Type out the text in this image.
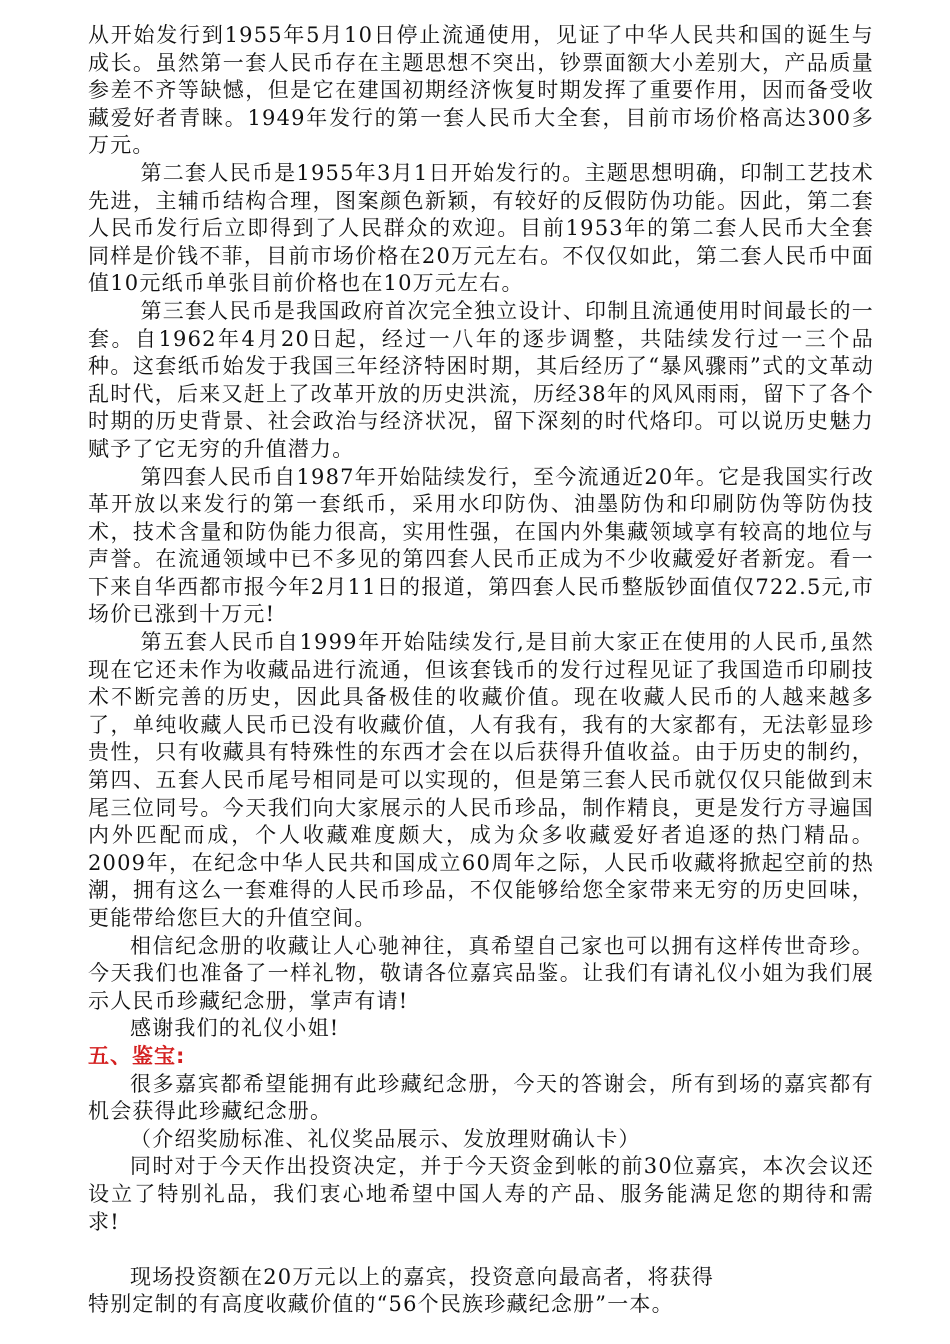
从开始发行到1955年5月10日停止流通使用，见证了中华人民共和国的诞生与成长。虽然第一套人民币存在主题思想不突出，钞票面额大小差别大，产品质量参差不齐等缺憾，但是它在建国初期经济恢复时期发挥了重要作用，因而备受收藏爱好者青睐。1949年发行的第一套人民币大全套，目前市场价格高达300多万元。

第二套人民币是1955年3月1日开始发行的。主题思想明确，印制工艺技术先进，主辅币结构合理，图案颜色新颖，有较好的反假防伪功能。因此，第二套人民币发行后立即得到了人民群众的欢迎。目前1953年的第二套人民币大全套同样是价钱不菲，目前市场价格在20万元左右。不仅仅如此，第二套人民币中面值10元纸币单张目前价格也在10万元左右。

第三套人民币是我国政府首次完全独立设计、印制且流通使用时间最长的一套。自1962年4月20日起，经过一八年的逐步调整，共陆续发行过一三个品种。这套纸币始发于我国三年经济特困时期，其后经历了“暴风骤雨”式的文革动乱时代，后来又赶上了改革开放的历史洪流，历经38年的风风雨雨，留下了各个时期的历史背景、社会政治与经济状况，留下深刻的时代烙印。可以说历史魅力赋予了它无穷的升值潜力。

第四套人民币自1987年开始陆续发行，至今流通近20年。它是我国实行改革开放以来发行的第一套纸币，采用水印防伪、油墨防伪和印刷防伪等防伪技术，技术含量和防伪能力很高，实用性强，在国内外集藏领域享有较高的地位与声誉。在流通领域中已不多见的第四套人民币正成为不少收藏爱好者新宠。看一下来自华西都市报今年2月11日的报道，第四套人民币整版钞面值仅722.5元,市场价已涨到十万元!

第五套人民币自1999年开始陆续发行,是目前大家正在使用的人民币,虽然现在它还未作为收藏品进行流通，但该套钱币的发行过程见证了我国造币印刷技术不断完善的历史，因此具备极佳的收藏价值。现在收藏人民币的人越来越多了，单纯收藏人民币已没有收藏价值，人有我有，我有的大家都有，无法彰显珍贵性，只有收藏具有特殊性的东西才会在以后获得升值收益。由于历史的制约，第四、五套人民币尾号相同是可以实现的，但是第三套人民币就仅仅只能做到末尾三位同号。今天我们向大家展示的人民币珍品，制作精良，更是发行方寻遍国内外匹配而成，个人收藏难度颇大，成为众多收藏爱好者追逐的热门精品。2009年，在纪念中华人民共和国成立60周年之际，人民币收藏将掀起空前的热潮，拥有这么一套难得的人民币珍品，不仅能够给您全家带来无穷的历史回味，更能带给您巨大的升值空间。

相信纪念册的收藏让人心驰神往，真希望自己家也可以拥有这样传世奇珍。今天我们也准备了一样礼物，敬请各位嘉宾品鉴。让我们有请礼仪小姐为我们展示人民币珍藏纪念册，掌声有请!

感谢我们的礼仪小姐!

五、鉴宝:

很多嘉宾都希望能拥有此珍藏纪念册，今天的答谢会，所有到场的嘉宾都有机会获得此珍藏纪念册。

（介绍奖励标准、礼仪奖品展示、发放理财确认卡）

同时对于今天作出投资决定，并于今天资金到帐的前30位嘉宾，本次会议还设立了特别礼品，我们衷心地希望中国人寿的产品、服务能满足您的期待和需求!

现场投资额在20万元以上的嘉宾，投资意向最高者，将获得

特别定制的有高度收藏价值的“56个民族珍藏纪念册”一本。
